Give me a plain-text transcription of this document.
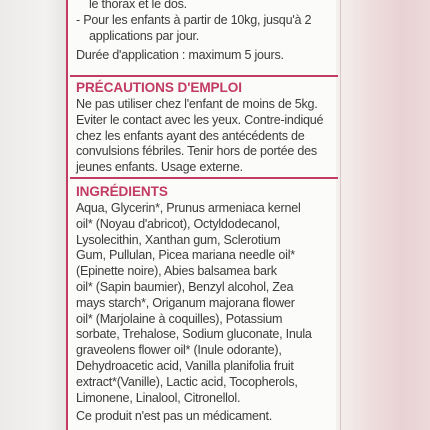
le thorax et le dos.
- Pour les enfants à partir de 10kg, jusqu'à 2
applications par jour.
Durée d'application : maximum 5 jours.
PRÉCAUTIONS D'EMPLOI
Ne pas utiliser chez l'enfant de moins de 5kg.
Eviter le contact avec les yeux. Contre-indiqué
chez les enfants ayant des antécédents de
convulsions fébriles. Tenir hors de portée des
jeunes enfants. Usage externe.
INGRÉDIENTS
Aqua, Glycerin*, Prunus armeniaca kernel
oil* (Noyau d'abricot), Octyldodecanol,
Lysolecithin, Xanthan gum, Sclerotium
Gum, Pullulan, Picea mariana needle oil*
(Epinette noire), Abies balsamea bark
oil* (Sapin baumier), Benzyl alcohol, Zea
mays starch*, Origanum majorana flower
oil* (Marjolaine à coquilles), Potassium
sorbate, Trehalose, Sodium gluconate, Inula
graveolens flower oil* (Inule odorante),
Dehydroacetic acid, Vanilla planifolia fruit
extract*(Vanille), Lactic acid, Tocopherols,
Limonene, Linalool, Citronellol.
Ce produit n'est pas un médicament.
